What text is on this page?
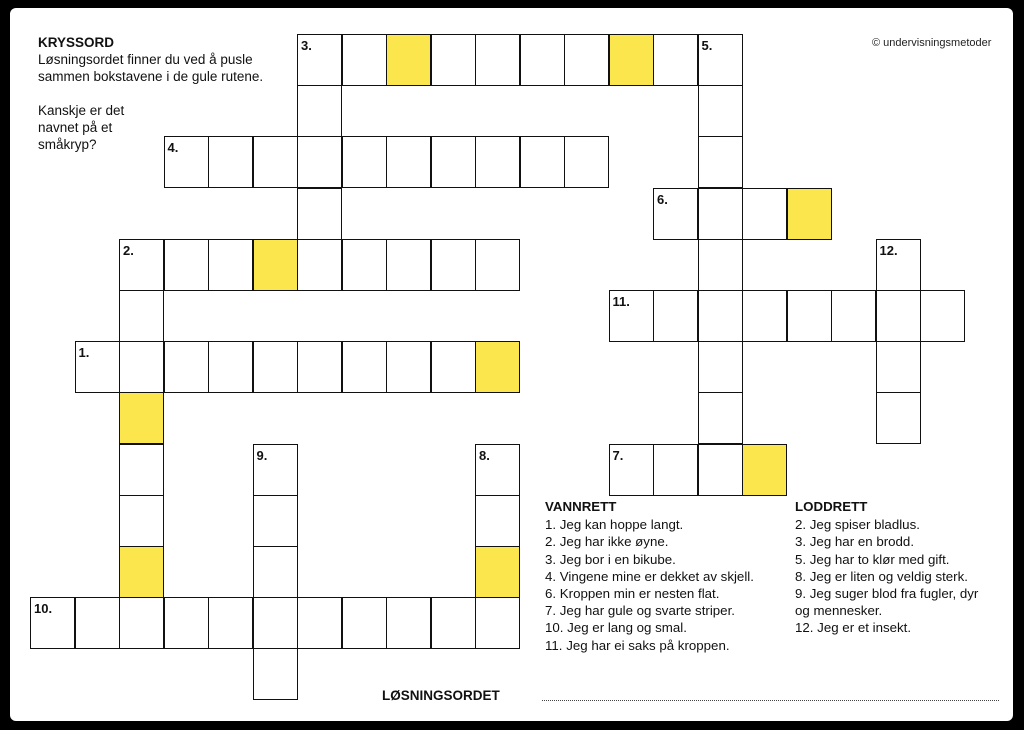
KRYSSORD

Løsningsordet finner du ved å pusle sammen bokstavene i de gule rutene.

Kanskje er det navnet på et småkryp?

© undervisningsmetoder
2.
3.
1.
5.
4.
6.
7.
8.
9.
10.
11.
12.
VANNRETT

1. Jeg kan hoppe langt.

2. Jeg har ikke øyne.

3. Jeg bor i en bikube.

4. Vingene mine er dekket av skjell.

6. Kroppen min er nesten flat.

7. Jeg har gule og svarte striper.

10. Jeg er lang og smal.

11. Jeg har ei saks på kroppen.

LODDRETT

2. Jeg spiser bladlus.

3. Jeg har en brodd.

5. Jeg har to klør med gift.

8. Jeg er liten og veldig sterk.

9. Jeg suger blod fra fugler, dyr og mennesker.

12. Jeg er et insekt.

LØSNINGSORDET
